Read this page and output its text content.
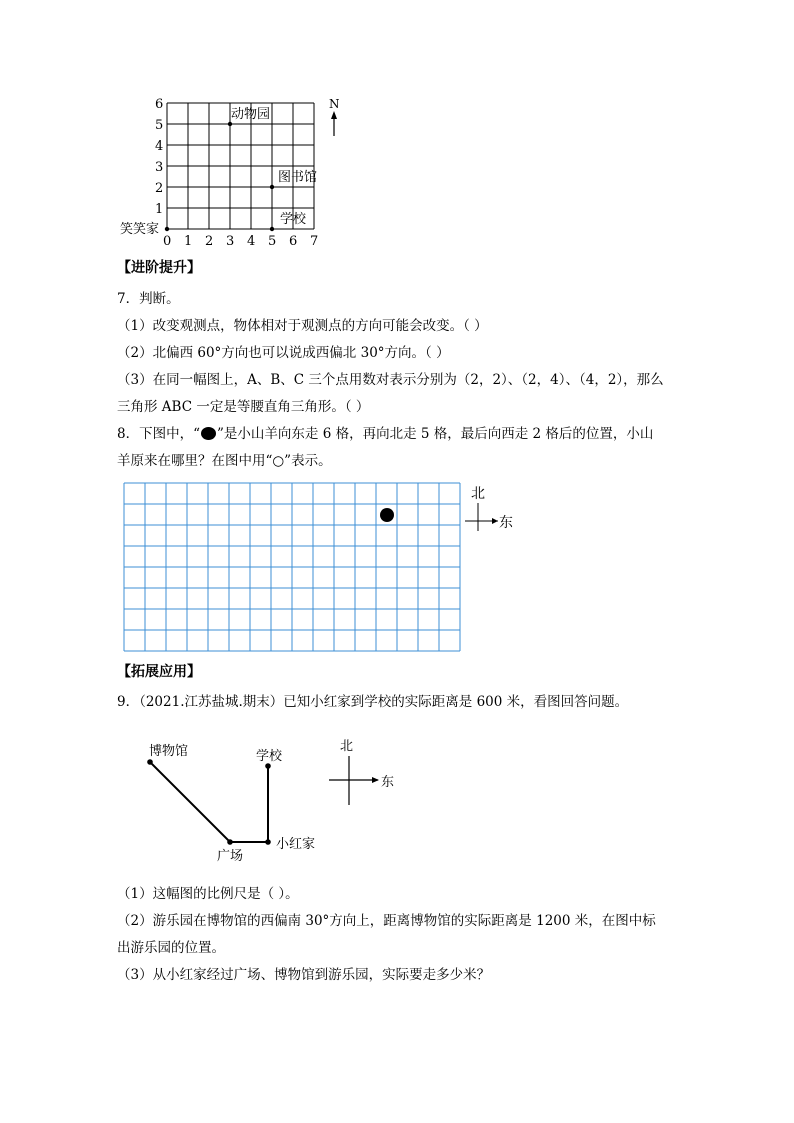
1
2
3
4
5
6
0 1 2 3 4 5 6 7
笑笑家
动物园
图书馆
学校
N
【进阶提升】
7．判断。
（1）改变观测点，物体相对于观测点的方向可能会改变。（ ）
（2）北偏西 60°方向也可以说成西偏北 30°方向。（ ）
（3）在同一幅图上，A、B、C 三个点用数对表示分别为（2，2）、（2，4）、（4，2），那么
三角形 ABC 一定是等腰直角三角形。（ ）
8．下图中，“ ”是小山羊向东走 6 格，再向北走 5 格，最后向西走 2 格后的位置，小山
羊原来在哪里？在图中用“○”表示。
北
东
【拓展应用】
9．（2021.江苏盐城.期末）已知小红家到学校的实际距离是 600 米，看图回答问题。
博物馆	学校
广场
小红家
北
东
（1）这幅图的比例尺是（ ）。
（2）游乐园在博物馆的西偏南 30°方向上，距离博物馆的实际距离是 1200 米，在图中标
出游乐园的位置。
（3）从小红家经过广场、博物馆到游乐园，实际要走多少米？
